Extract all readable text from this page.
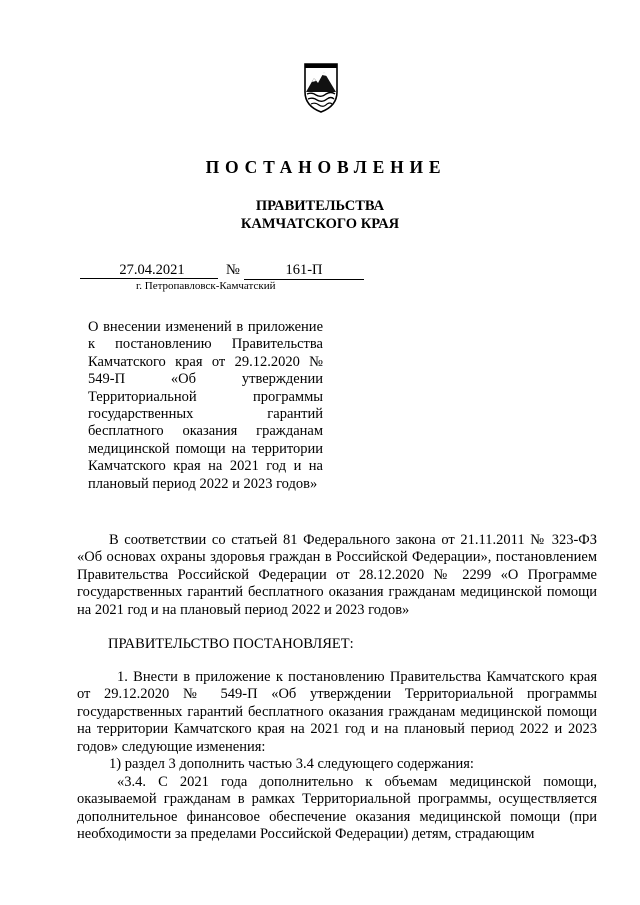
ПОСТАНОВЛЕНИЕ
ПРАВИТЕЛЬСТВА
КАМЧАТСКОГО КРАЯ
27.04.2021	№	161-П
г. Петропавловск-Камчатский
О внесении изменений в приложение к постановлению Правительства Камчатского края от 29.12.2020 № 549-П «Об утверждении Территориальной программы государственных гарантий бесплатного оказания гражданам медицинской помощи на территории Камчатского края на 2021 год и на плановый период 2022 и 2023 годов»
В соответствии со статьей 81 Федерального закона от 21.11.2011 № 323-ФЗ «Об основах охраны здоровья граждан в Российской Федерации», постановлением Правительства Российской Федерации от 28.12.2020 № 2299 «О Программе государственных гарантий бесплатного оказания гражданам медицинской помощи на 2021 год и на плановый период 2022 и 2023 годов»
ПРАВИТЕЛЬСТВО ПОСТАНОВЛЯЕТ:
1. Внести в приложение к постановлению Правительства Камчатского края от 29.12.2020 № 549-П «Об утверждении Территориальной программы государственных гарантий бесплатного оказания гражданам медицинской помощи на территории Камчатского края на 2021 год и на плановый период 2022 и 2023 годов» следующие изменения:
1) раздел 3 дополнить частью 3.4 следующего содержания:
«3.4. С 2021 года дополнительно к объемам медицинской помощи, оказываемой гражданам в рамках Территориальной программы, осуществляется дополнительное финансовое обеспечение оказания медицинской помощи (при необходимости за пределами Российской Федерации) детям, страдающим
